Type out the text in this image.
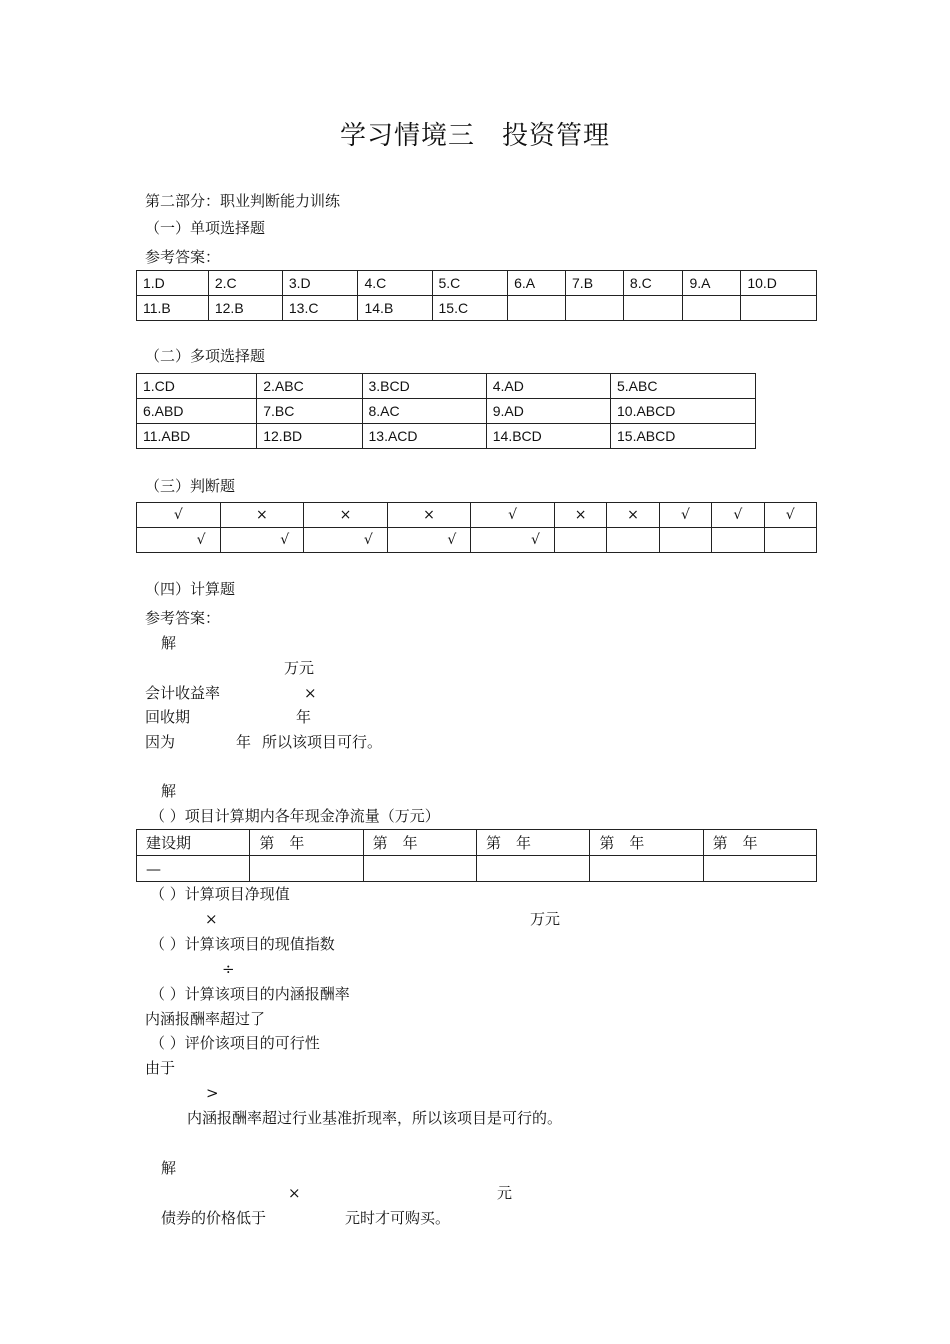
学习情境三　投资管理
第二部分：职业判断能力训练
（一）单项选择题
参考答案：
1.D	2.C	3.D	4.C	5.C	6.A	7.B	8.C	9.A	10.D
11.B	12.B	13.C	14.B	15.C					
（二）多项选择题
1.CD	2.ABC	3.BCD	4.AD	5.ABC
6.ABD	7.BC	8.AC	9.AD	10.ABCD
11.ABD	12.BD	13.ACD	14.BCD	15.ABCD
（三）判断题
√	×	×	×	√	×	×	√	√	√
√	√	√	√	√					
（四）计算题
参考答案：
解
万元
会计收益率	×
回收期	年
因为	年 所以该项目可行。
解
（ ）项目计算期内各年现金净流量（万元）
建设期	第　年	第　年	第　年	第　年	第　年
—					
（ ）计算项目净现值
×	万元
（ ）计算该项目的现值指数
÷
（ ）计算该项目的内涵报酬率
内涵报酬率超过了
（ ）评价该项目的可行性
由于
>
内涵报酬率超过行业基准折现率，所以该项目是可行的。
解
×	元
债券的价格低于	元时才可购买。
